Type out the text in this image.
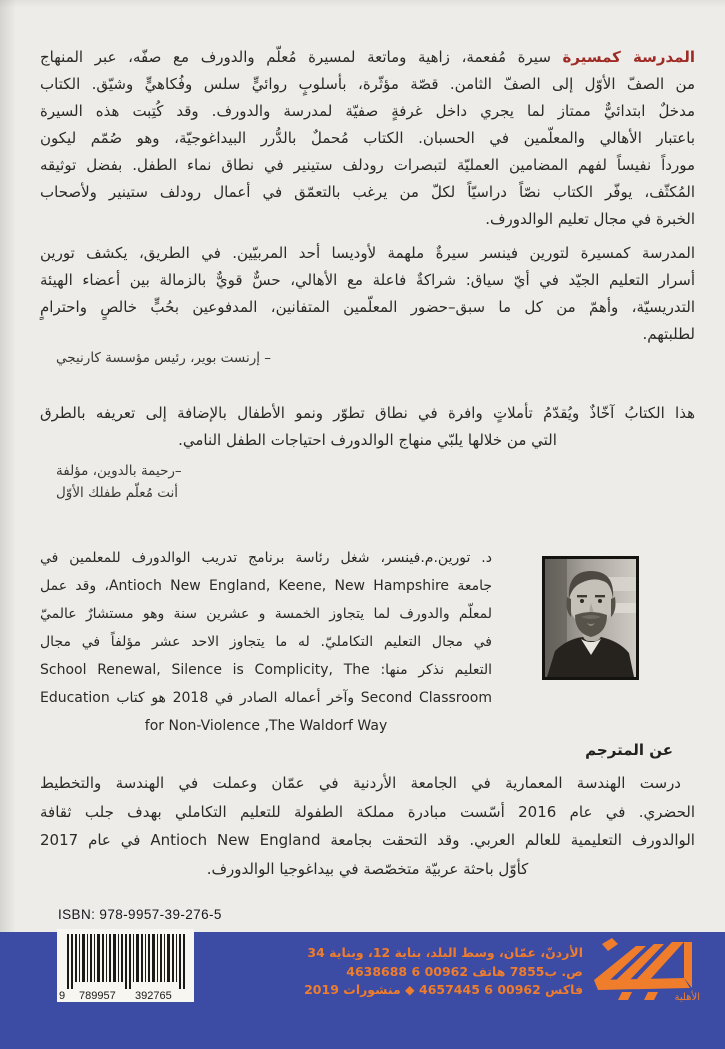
المدرسة كمسيرة سيرة مُفعمة، زاهية وماتعة لمسيرة مُعلّم والدورف مع صفّه، عبر المنهاج
من الصفّ الأوّل إلى الصفّ الثامن. قصّة مؤثّرة، بأسلوبٍ روائيٍّ سلس وفُكاهيٍّ وشيّق. الكتاب
مدخلٌ ابتدائيٌّ ممتاز لما يجري داخل غرفةٍ صفيّة لمدرسة والدورف. وقد كُتِبت هذه السيرة
باعتبار الأهالي والمعلّمين في الحسبان. الكتاب مُحملٌ بالدُّرر البيداغوجيّة، وهو صُمّم ليكون
مورداً نفيساً لفهم المضامين العمليّة لتبصرات رودلف ستينير في نطاق نماء الطفل. بفضل توثيقه
المُكثّف، يوفّر الكتاب نصّاً دراسيّاً لكلّ من يرغب بالتعمّق في أعمال رودلف ستينير ولأصحاب
الخبرة في مجال تعليم الوالدورف.
المدرسة كمسيرة لتورين فينسر سيرةٌ ملهمة لأوديسا أحد المربيّين. في الطريق، يكشف تورين
أسرار التعليم الجيّد في أيّ سياق: شراكةٌ فاعلة مع الأهالي، حسٌّ قويٌّ بالزمالة بين أعضاء الهيئة
التدريسيّة، وأهمّ من كل ما سبق–حضور المعلّمين المتفانين، المدفوعين بحُبٍّ خالصٍ واحترامٍ
لطلبتهم.
– إرنست بوير، رئيس مؤسسة كارنيجي
هذا الكتابُ آخّاذٌ ويُقدّمُ تأملاتٍ وافرة في نطاق تطوّر ونمو الأطفال بالإضافة إلى تعريفه بالطرق
التي من خلالها يلبّي منهاج الوالدورف احتياجات الطفل النامي.
–رحيمة بالدوين، مؤلفة
أنت مُعلّم طفلك الأوّل
د. تورين.م.فينسر، شغل رئاسة برنامج تدريب الوالدورف للمعلمين في
جامعة Antioch New England, Keene, New Hampshire، وقد عمل
لمعلّم والدورف لما يتجاوز الخمسة و عشرين سنة وهو مستشارٌ عالميّ
في مجال التعليم التكامليّ. له ما يتجاوز الاحد عشر مؤلفاً في مجال
التعليم نذكر منها: School Renewal, Silence is Complicity, The
Second Classroom وآخر أعماله الصادر في 2018 هو كتاب Education
for Non-Violence ,The Waldorf Way
عن المترجم
درست الهندسة المعمارية في الجامعة الأردنية في عمّان وعملت في الهندسة والتخطيط
الحضري. في عام 2016 أسّست مبادرة مملكة الطفولة للتعليم التكاملي بهدف جلب ثقافة
الوالدورف التعليمية للعالم العربي. وقد التحقت بجامعة Antioch New England في عام 2017
كأوّل باحثة عربيّة متخصّصة في بيداغوجيا الوالدورف.
ISBN: 978-9957-39-276-5
9 789957 392765	الأهلية
الأردنّ، عمّان، وسط البلد، بناية 12، وبناية 34
ص. ب7855 هاتف 00962 6 4638688
فاكس 00962 6 4657445 ◆ منشورات 2019
